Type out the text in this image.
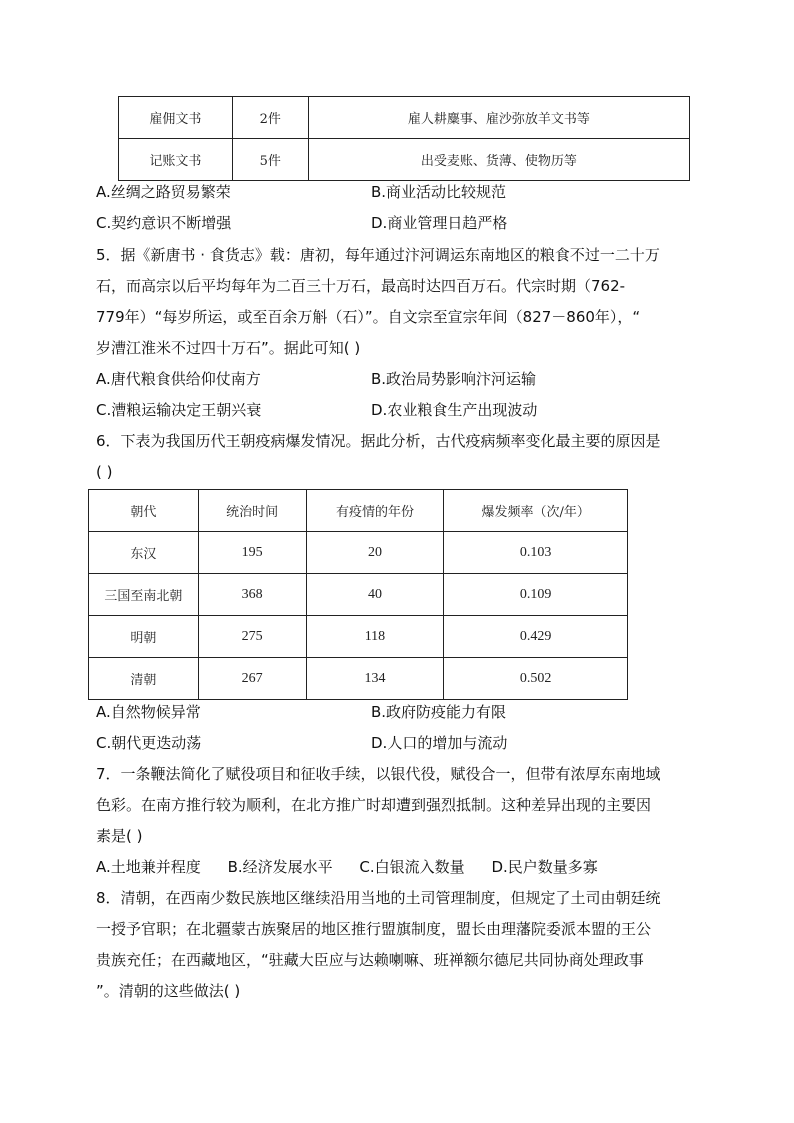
雇佣文书	2件	雇人耕麋事、雇沙弥放羊文书等
记账文书	5件	出受麦账、货薄、使物历等
A.丝绸之路贸易繁荣	B.商业活动比较规范
C.契约意识不断增强	D.商业管理日趋严格
5．据《新唐书 · 食货志》载：唐初，每年通过汴河调运东南地区的粮食不过一二十万
石，而高宗以后平均每年为二百三十万石，最高时达四百万石。代宗时期（762-
779年）“每岁所运，或至百余万斛（石）”。自文宗至宣宗年间（827－860年），“
岁漕江淮米不过四十万石”。据此可知( )
A.唐代粮食供给仰仗南方	B.政治局势影响汴河运输
C.漕粮运输决定王朝兴衰	D.农业粮食生产出现波动
6．下表为我国历代王朝疫病爆发情况。据此分析，古代疫病频率变化最主要的原因是
( )
朝代	统治时间	有疫情的年份	爆发频率（次/年）
东汉	195	20	0.103
三国至南北朝	368	40	0.109
明朝	275	118	0.429
清朝	267	134	0.502
A.自然物候异常	B.政府防疫能力有限
C.朝代更迭动荡	D.人口的增加与流动
7．一条鞭法简化了赋役项目和征收手续，以银代役，赋役合一，但带有浓厚东南地域
色彩。在南方推行较为顺利，在北方推广时却遭到强烈抵制。这种差异出现的主要因
素是( )
A.土地兼并程度 B.经济发展水平 C.白银流入数量 D.民户数量多寡
8．清朝，在西南少数民族地区继续沿用当地的土司管理制度，但规定了土司由朝廷统
一授予官职；在北疆蒙古族聚居的地区推行盟旗制度，盟长由理藩院委派本盟的王公
贵族充任；在西藏地区，“驻藏大臣应与达赖喇嘛、班禅额尔德尼共同协商处理政事
”。清朝的这些做法( )
